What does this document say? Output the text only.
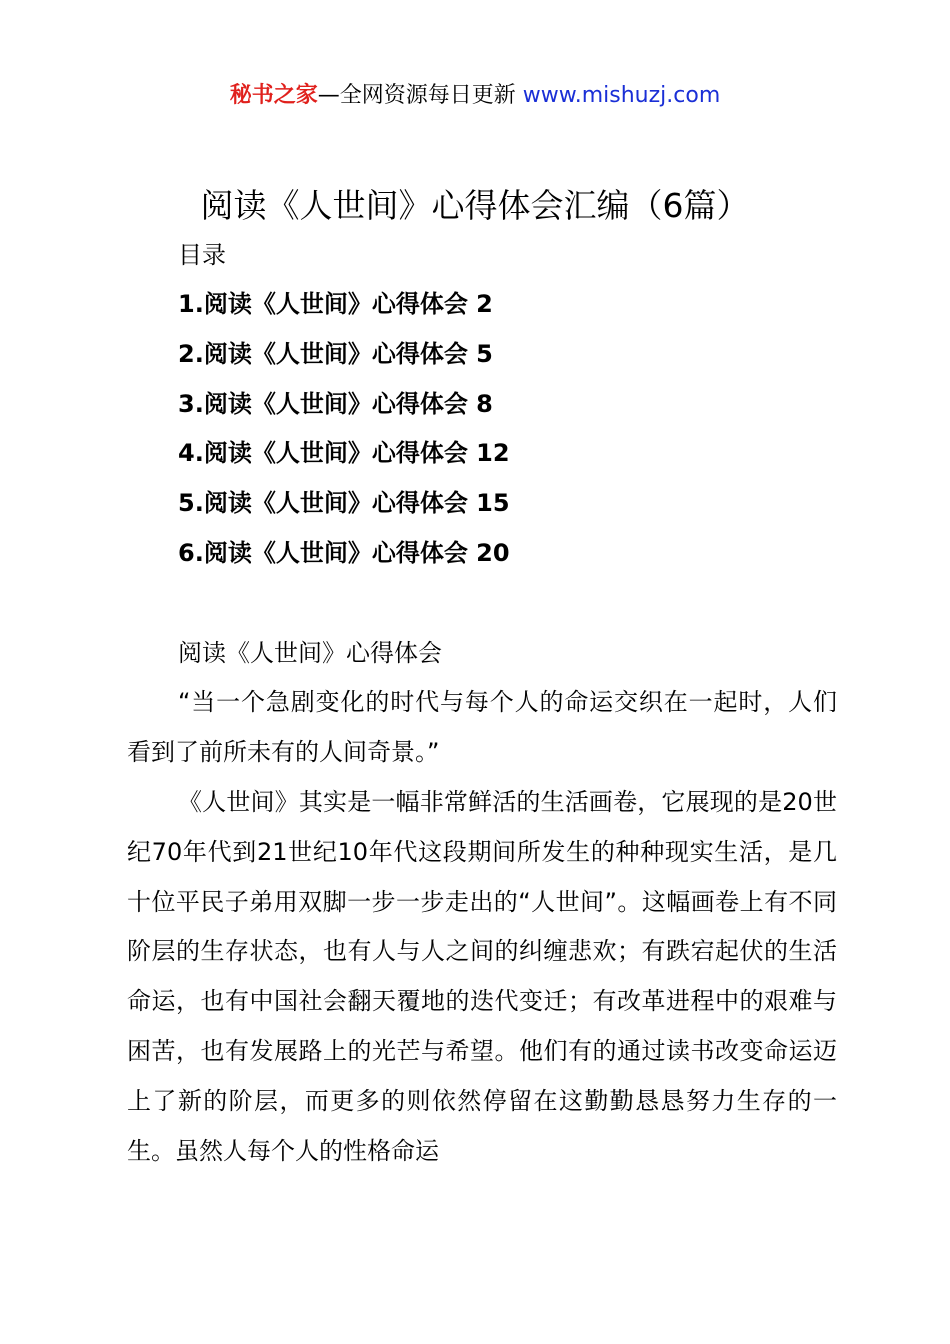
秘书之家—全网资源每日更新 www.mishuzj.com
阅读《人世间》心得体会汇编（6篇）
目录
1.阅读《人世间》心得体会 2
2.阅读《人世间》心得体会 5
3.阅读《人世间》心得体会 8
4.阅读《人世间》心得体会 12
5.阅读《人世间》心得体会 15
6.阅读《人世间》心得体会 20
阅读《人世间》心得体会

“当一个急剧变化的时代与每个人的命运交织在一起时，人们看到了前所未有的人间奇景。”

《人世间》其实是一幅非常鲜活的生活画卷，它展现的是20世纪70年代到21世纪10年代这段期间所发生的种种现实生活，是几十位平民子弟用双脚一步一步走出的“人世间”。这幅画卷上有不同阶层的生存状态，也有人与人之间的纠缠悲欢；有跌宕起伏的生活命运，也有中国社会翻天覆地的迭代变迁；有改革进程中的艰难与困苦，也有发展路上的光芒与希望。他们有的通过读书改变命运迈上了新的阶层，而更多的则依然停留在这勤勤恳恳努力生存的一生。虽然人每个人的性格命运
